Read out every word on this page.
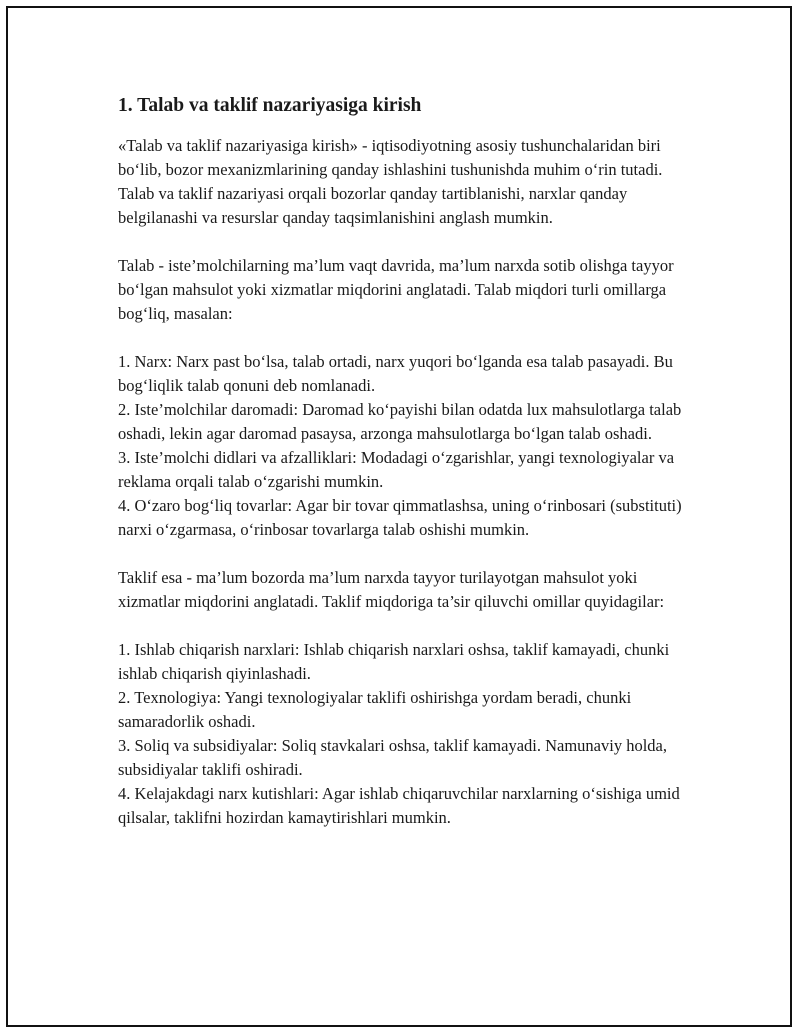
1. Talab va taklif nazariyasiga kirish

«Talab va taklif nazariyasiga kirish» - iqtisodiyotning asosiy tushunchalaridan biri bo‘lib, bozor mexanizmlarining qanday ishlashini tushunishda muhim o‘rin tutadi. Talab va taklif nazariyasi orqali bozorlar qanday tartiblanishi, narxlar qanday belgilanashi va resurslar qanday taqsimlanishini anglash mumkin.

Talab - iste’molchilarning ma’lum vaqt davrida, ma’lum narxda sotib olishga tayyor bo‘lgan mahsulot yoki xizmatlar miqdorini anglatadi. Talab miqdori turli omillarga bog‘liq, masalan:

1. Narx: Narx past bo‘lsa, talab ortadi, narx yuqori bo‘lganda esa talab pasayadi. Bu bog‘liqlik talab qonuni deb nomlanadi.
2. Iste’molchilar daromadi: Daromad ko‘payishi bilan odatda lux mahsulotlarga talab oshadi, lekin agar daromad pasaysa, arzonga mahsulotlarga bo‘lgan talab oshadi.
3. Iste’molchi didlari va afzalliklari: Modadagi o‘zgarishlar, yangi texnologiyalar va reklama orqali talab o‘zgarishi mumkin.
4. O‘zaro bog‘liq tovarlar: Agar bir tovar qimmatlashsa, uning o‘rinbosari (substituti) narxi o‘zgarmasa, o‘rinbosar tovarlarga talab oshishi mumkin.

Taklif esa - ma’lum bozorda ma’lum narxda tayyor turilayotgan mahsulot yoki xizmatlar miqdorini anglatadi. Taklif miqdoriga ta’sir qiluvchi omillar quyidagilar:

1. Ishlab chiqarish narxlari: Ishlab chiqarish narxlari oshsa, taklif kamayadi, chunki ishlab chiqarish qiyinlashadi.
2. Texnologiya: Yangi texnologiyalar taklifi oshirishga yordam beradi, chunki samaradorlik oshadi.
3. Soliq va subsidiyalar: Soliq stavkalari oshsa, taklif kamayadi. Namunaviy holda, subsidiyalar taklifi oshiradi.
4. Kelajakdagi narx kutishlari: Agar ishlab chiqaruvchilar narxlarning o‘sishiga umid qilsalar, taklifni hozirdan kamaytirishlari mumkin.
